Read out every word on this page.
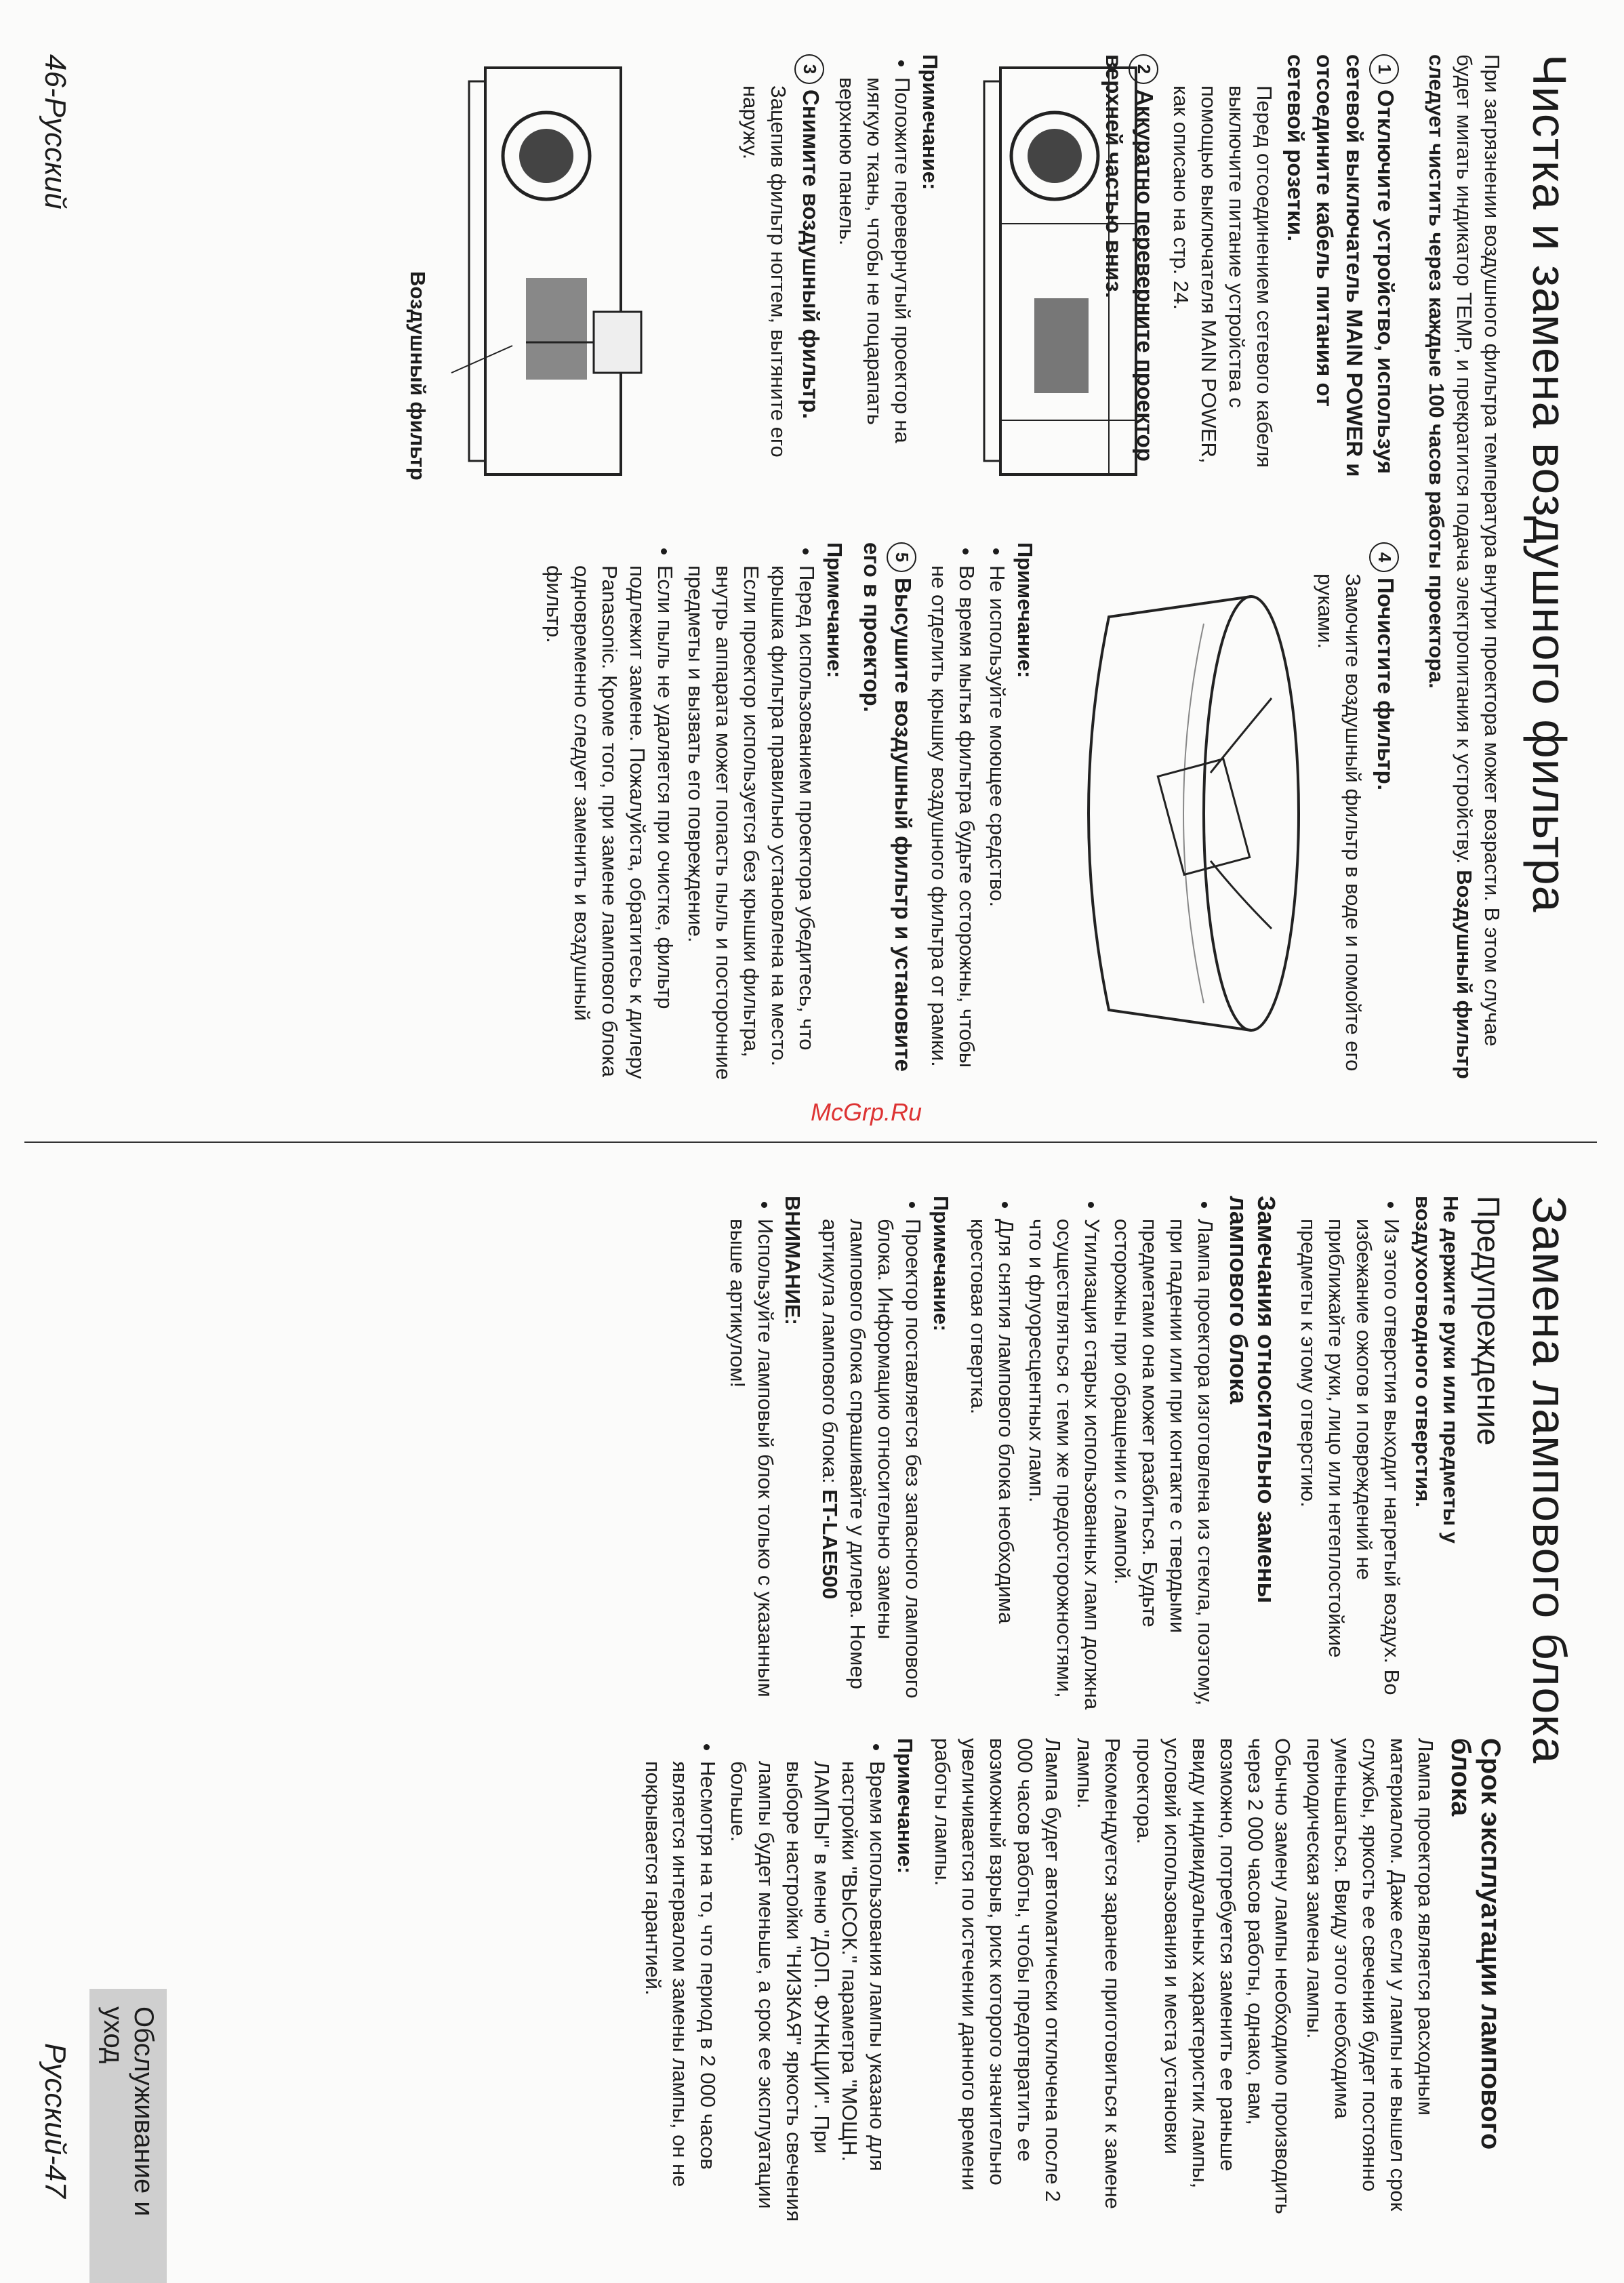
Чистка и замена воздушного фильтра

При загрязнении воздушного фильтра температура внутри проектора может возрасти. В этом случае будет мигать индикатор TEMP, и прекратится подача электропитания к устройству. Воздушный фильтр следует чистить через каждые 100 часов работы проектора.

1Отключите устройство, используя сетевой выключатель MAIN POWER и отсоедините кабель питания от сетевой розетки.

Перед отсоединением сетевого кабеля выключите питание устройства с помощью выключателя MAIN POWER, как описано на стр. 24.

2Аккуратно переверните проектор верхней частью вниз.
Примечание:
• Положите перевернутый проектор на мягкую ткань, чтобы не поцарапать верхнюю панель.
3Снимите воздушный фильтр.

Зацепив фильтр ногтем, вытяните его наружу.

Воздушный фильтр
4Почистите фильтр.

Замочите воздушный фильтр в воде и помойте его руками.

Примечание:
• Не используйте моющее средство.
• Во время мытья фильтра будьте осторожны, чтобы не отделить крышку воздушного фильтра от рамки.
5Высушите воздушный фильтр и установите его в проектор.
Примечание:
• Перед использованием проектора убедитесь, что крышка фильтра правильно установлена на место. Если проектор используется без крышки фильтра, внутрь аппарата может попасть пыль и посторонние предметы и вызвать его повреждение.
• Если пыль не удаляется при очистке, фильтр подлежит замене. Пожалуйста, обратитесь к дилеру Panasonic. Кроме того, при замене лампового блока одновременно следует заменить и воздушный фильтр.
46-Русский
Замена лампового блока
Предупреждение

Не держите руки или предметы у воздухоотводного отверстия.

• Из этого отверстия выходит нагретый воздух. Во избежание ожогов и повреждений не приближайте руки, лицо или нетеплостойкие предметы к этому отверстию.
Замечания относительно замены лампового блока
• Лампа проектора изготовлена из стекла, поэтому, при падении или при контакте с твердыми предметами она может разбиться. Будьте осторожны при обращении с лампой.
• Утилизация старых использованных ламп должна осуществляться с теми же предосторожностями, что и флуоресцентных ламп.
• Для снятия лампового блока необходима крестовая отвертка.
Примечание:
• Проектор поставляется без запасного лампового блока. Информацию относительно замены лампового блока спрашивайте у дилера. Номер артикула лампового блока: ET-LAE500
ВНИМАНИЕ:
• Используйте ламповый блок только с указанным выше артикулом!
Срок эксплуатации лампового блока

Лампа проектора является расходным материалом. Даже если у лампы не вышел срок службы, яркость ее свечения будет постоянно уменьшаться. Ввиду этого необходима периодическая замена лампы.

Обычно замену лампы необходимо производить через 2 000 часов работы, однако, вам, возможно, потребуется заменить ее раньше ввиду индивидуальных характеристик лампы, условий использования и места установки проектора.

Рекомендуется заранее приготовиться к замене лампы.

Лампа будет автоматически отключена после 2 000 часов работы, чтобы предотвратить ее возможный взрыв, риск которого значительно увеличивается по истечении данного времени работы лампы.

Примечание:
• Время использования лампы указано для настройки "ВЫСОК." параметра "МОЩН. ЛАМПЫ" в меню "ДОП. ФУНКЦИИ". При выборе настройки "НИЗКАЯ" яркость свечения лампы будет меньше, а срок ее эксплуатации больше.
• Несмотря на то, что период в 2 000 часов является интервалом замены лампы, он не покрывается гарантией.
Русский-47	Обслуживание и уход
McGrp.Ru
